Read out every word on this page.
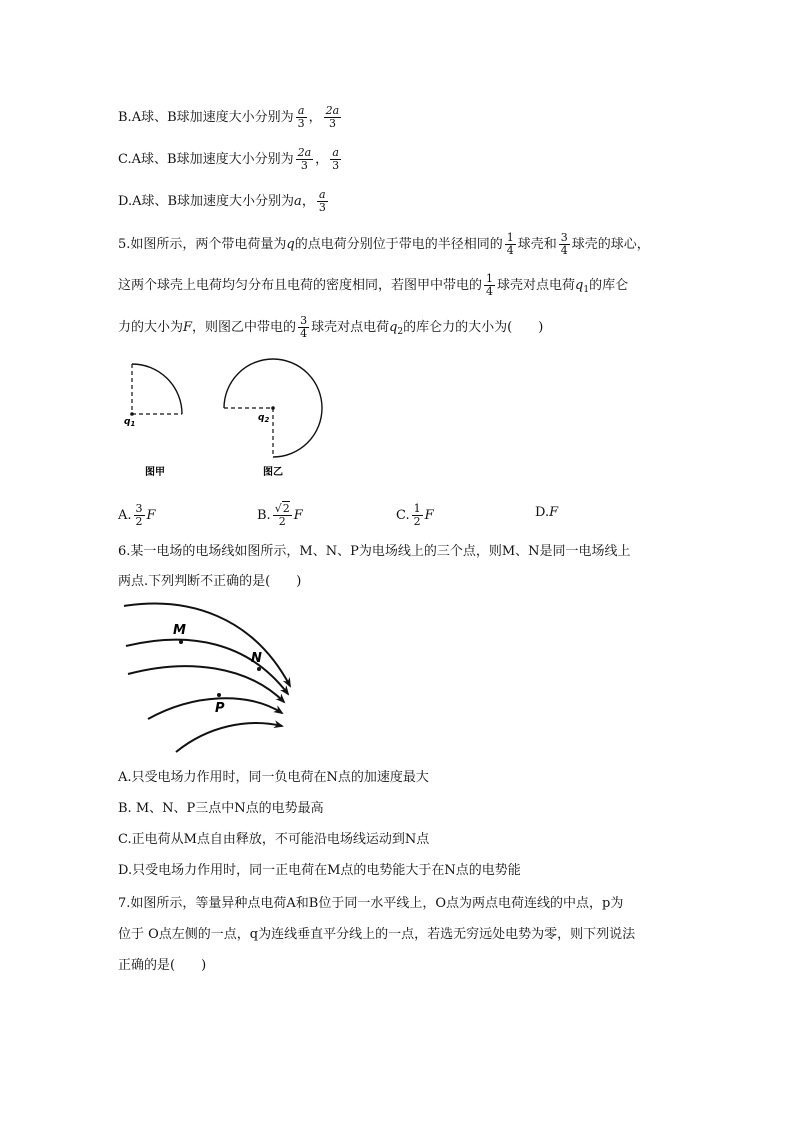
B.A球、B球加速度大小分别为 $\frac{a}{3}$ ， $\frac{2a}{3}$
C.A球、B球加速度大小分别为 $\frac{2a}{3}$ ， $\frac{a}{3}$
D.A球、B球加速度大小分别为a， $\frac{a}{3}$
5.如图所示，两个带电荷量为q的点电荷分别位于带电的半径相同的 $\frac{1}{4}$ 球壳和 $\frac{3}{4}$ 球壳的球心，
这两个球壳上电荷均匀分布且电荷的密度相同，若图甲中带电的 $\frac{1}{4}$ 球壳对点电荷$q_1$的库仑
力的大小为F，则图乙中带电的 $\frac{3}{4}$ 球壳对点电荷$q_2$的库仑力的大小为(　　)
$q_1$
图甲
$q_2$
图乙
A. $\frac{3}{2}$ F	B. $\frac{√2}{2}$ F	C. $\frac{1}{2}$ F	D.F
6.某一电场的电场线如图所示，M、N、P为电场线上的三个点，则M、N是同一电场线上
两点.下列判断不正确的是(　　)
M
N
P
A.只受电场力作用时，同一负电荷在N点的加速度最大
B. M、N、P三点中N点的电势最高
C.正电荷从M点自由释放，不可能沿电场线运动到N点
D.只受电场力作用时，同一正电荷在M点的电势能大于在N点的电势能
7.如图所示，等量异种点电荷A和B位于同一水平线上，O点为两点电荷连线的中点，p为
位于 O点左侧的一点，q为连线垂直平分线上的一点，若选无穷远处电势为零，则下列说法
正确的是(　　)
